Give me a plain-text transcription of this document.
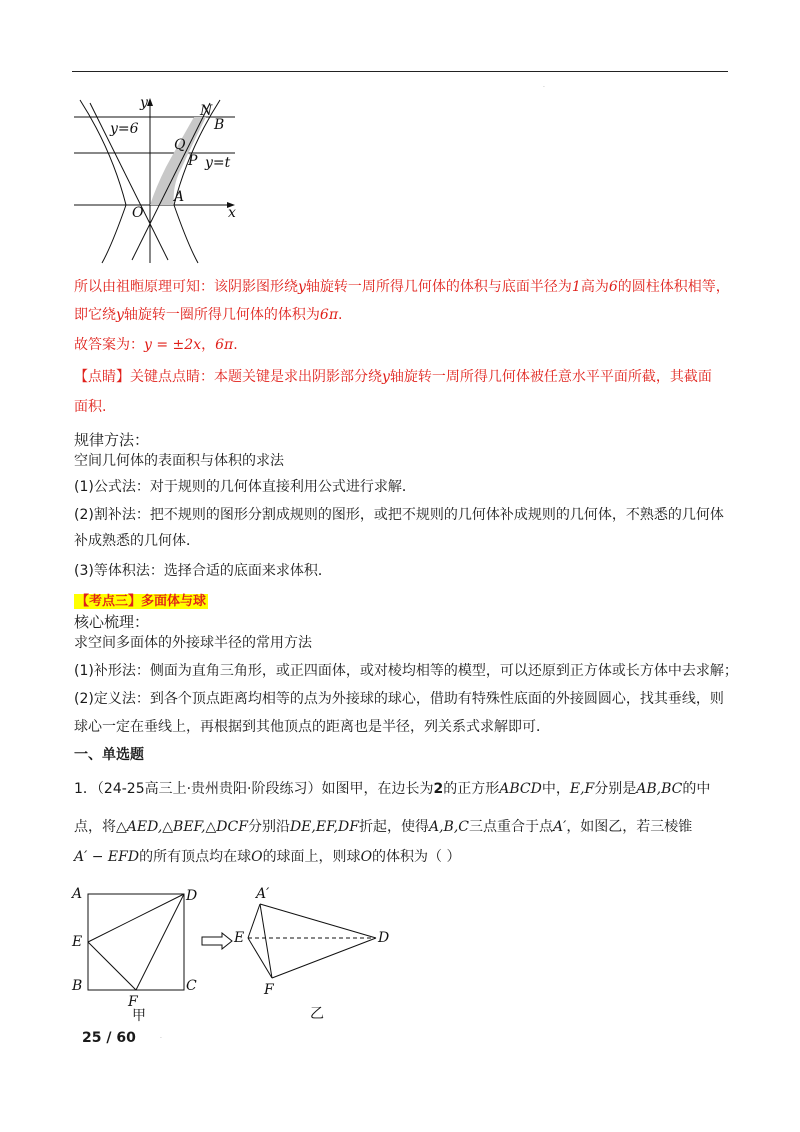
.
y
x
N
B
Q
P
A
O
y=6
y=t
所以由祖暅原理可知：该阴影图形绕y轴旋转一周所得几何体的体积与底面半径为1高为6的圆柱体积相等，
即它绕y轴旋转一圈所得几何体的体积为6π.
故答案为：y = ±2x，6π.
【点睛】关键点点睛：本题关键是求出阴影部分绕y轴旋转一周所得几何体被任意水平平面所截，其截面
面积.
规律方法：
空间几何体的表面积与体积的求法
(1)公式法：对于规则的几何体直接利用公式进行求解．
(2)割补法：把不规则的图形分割成规则的图形，或把不规则的几何体补成规则的几何体，不熟悉的几何体
补成熟悉的几何体．
(3)等体积法：选择合适的底面来求体积．
【考点三】多面体与球
核心梳理：
求空间多面体的外接球半径的常用方法
(1)补形法：侧面为直角三角形，或正四面体，或对棱均相等的模型，可以还原到正方体或长方体中去求解；
(2)定义法：到各个顶点距离均相等的点为外接球的球心，借助有特殊性底面的外接圆圆心，找其垂线，则
球心一定在垂线上，再根据到其他顶点的距离也是半径，列关系式求解即可．
一、单选题
1．（24-25高三上·贵州贵阳·阶段练习）如图甲，在边长为2的正方形ABCD中，E,F分别是AB,BC的中
点，将△AED,△BEF,△DCF分别沿DE,EF,DF折起，使得A,B,C三点重合于点A′，如图乙，若三棱锥
A′ − EFD的所有顶点均在球O的球面上，则球O的体积为（ ）
A	D
E
B
F
C
甲
A′
E	D
F
乙
25 / 60	.
